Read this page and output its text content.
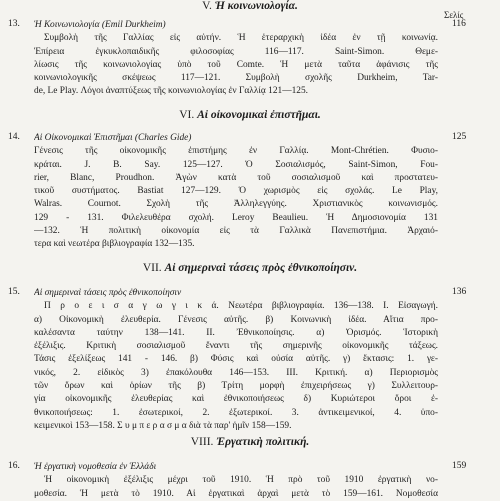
V. Ἡ κοινωνιολογία.
Σελίς
13.	116
Ἡ Κοινωνιολογία (Emil Durkheim)
Συμβολὴ τῆς Γαλλίας εἰς αὐτήν. Ἡ ἑτεραρχικὴ ἰδέα ἐν τῇ κοινωνίᾳ.
Ἐπίρεια ἐγκυκλοπαιδικῆς φιλοσοφίας 116—117. Saint-Simon. Θεμε-
λίωσις τῆς κοινωνιολογίας ὑπὸ τοῦ Comte. Ἡ μετὰ ταῦτα ἀφάνισις τῆς
κοινωνιολογικῆς σκέψεως 117—121. Συμβολὴ σχολῆς Durkheim, Tar-
de, Le Play. Λόγοι ἀναπτύξεως τῆς κοινωνιολογίας ἐν Γαλλίᾳ 121—125.
VI. Αἱ οἰκονομικαὶ ἐπιστῆμαι.
14.	125
Αἱ Οἰκονομικαὶ Ἐπιστῆμαι (Charles Gide)
Γένεσις τῆς οἰκονομικῆς ἐπιστήμης ἐν Γαλλίᾳ. Mont-Chrétien. Φυσιο-
κράται. J. B. Say. 125—127. Ὁ Σοσιαλισμός, Saint-Simon, Fou-
rier, Blanc, Proudhon. Ἀγὼν κατὰ τοῦ σοσιαλισμοῦ καὶ προστατευ-
τικοῦ συστήματος. Bastiat 127—129. Ὁ χωρισμὸς εἰς σχολάς. Le Play,
Walras. Cournot. Σχολὴ τῆς Ἀλληλεγγύης. Χριστιανικὸς κοινωνισμός.
129 - 131. Φιλελευθέρα σχολή. Leroy Beaulieu. Ἡ Δημοσιονομία 131
—132. Ἡ πολιτικὴ οἰκονομία εἰς τὰ Γαλλικὰ Πανεπιστήμια. Ἀρχαιό-
τερα καὶ νεωτέρα βιβλιογραφία 132—135.
VII. Αἱ σημεριναὶ τάσεις πρὸς ἐθνικοποίησιν.
15.	136
Αἱ σημεριναὶ τάσεις πρὸς ἐθνικοποίησιν
Π ρ ο ε ι σ α γ ω γ ι κ ά. Νεωτέρα βιβλιογραφία. 136—138. I. Εἰσαγωγή.
α) Οἰκονομικὴ ἐλευθερία. Γένεσις αὐτῆς. β) Κοινωνικὴ ἰδέα. Αἴτια προ-
καλέσαντα ταύτην 138—141. II. Ἐθνικοποίησις. α) Ὁρισμός. Ἱστορικὴ
ἐξέλιξις. Κριτικὴ σοσιαλισμοῦ ἔναντι τῆς σημερινῆς οἰκονομικῆς τάξεως.
Τάσις ἐξελίξεως 141 - 146. β) Φύσις καὶ οὐσία αὐτῆς. γ) ἔκτασις: 1. γε-
νικός, 2. εἰδικὸς 3) ἐπακόλουθα 146—153. III. Κριτική. α) Περιορισμὸς
τῶν ὅρων καὶ ὁρίων τῆς β) Τρίτη μορφὴ ἐπιχειρήσεως γ) Συλλειτουρ-
γία οἰκονομικῆς ἐλευθερίας καὶ ἐθνικοποιήσεως δ) Κυριώτεροι ὅροι ἐ-
θνικοποιήσεως: 1. ἐσωτερικοί, 2. ἐξωτερικοί. 3. ἀντικειμενικοί, 4. ὑπο-
κειμενικοὶ 153—158. Σ υ μ π ε ρ α σ μ α διὰ τὰ παρ' ἡμῖν 158—159.
VIII. Ἐργατικὴ πολιτική.
16.	159
Ἡ ἐργατικὴ νομοθεσία ἐν Ἑλλάδι
Ἡ οἰκονομικὴ ἐξέλιξις μέχρι τοῦ 1910. Ἡ πρὸ τοῦ 1910 ἐργατικὴ νο-
μοθεσία. Ἡ μετὰ τὸ 1910. Αἱ ἐργατικαὶ ἀρχαὶ μετὰ τὸ 159—161. Νομοθεσία
